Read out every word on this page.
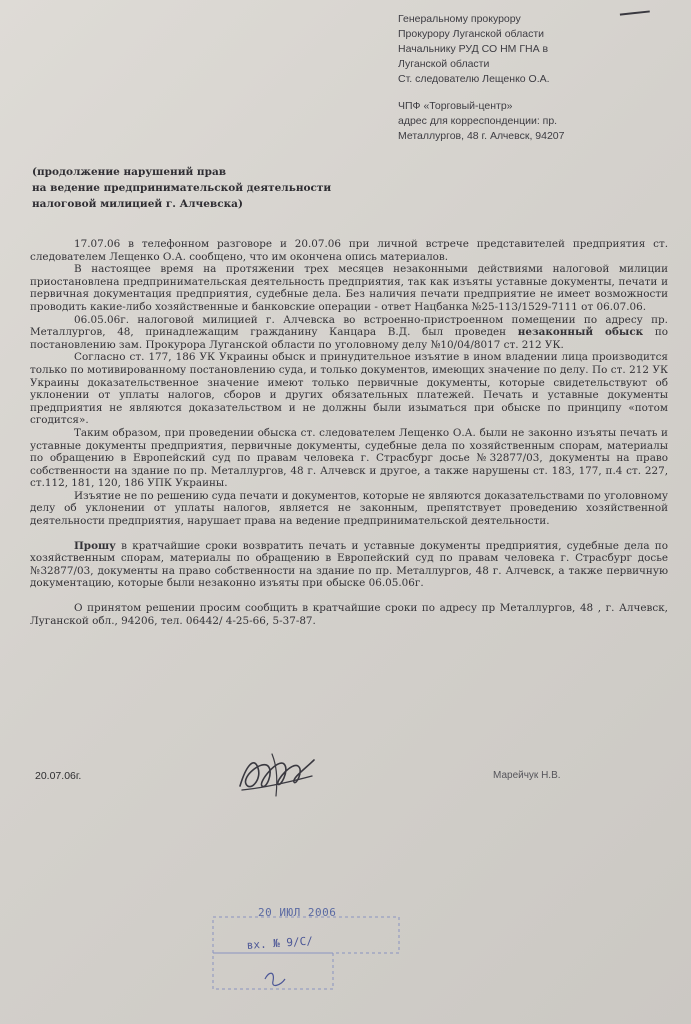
Генеральному прокурору
Прокурору Луганской области
Начальнику РУД СО НМ ГНА в
Луганской области
Ст. следователю Лещенко О.А.
ЧПФ «Торговый-центр»
адрес для корреспонденции: пр.
Металлургов, 48 г. Алчевск, 94207
(продолжение нарушений прав
на ведение предпринимательской деятельности
налоговой милицией г. Алчевска)

17.07.06 в телефонном разговоре и 20.07.06 при личной встрече представителей предприятия ст. следователем Лещенко О.А. сообщено, что им окончена опись материалов.

В настоящее время на протяжении трех месяцев незаконными действиями налоговой милиции приостановлена предпринимательская деятельность предприятия, так как изъяты уставные документы, печати и первичная документация предприятия, судебные дела. Без наличия печати предприятие не имеет возможности проводить какие-либо хозяйственные и банковские операции - ответ Нацбанка №25-113/1529-7111 от 06.07.06.

06.05.06г. налоговой милицией г. Алчевска во встроенно-пристроенном помещении по адресу пр. Металлургов, 48, принадлежащим гражданину Канцара В.Д. был проведен незаконный обыск по постановлению зам. Прокурора Луганской области по уголовному делу №10/04/8017 ст. 212 УК.

Согласно ст. 177, 186 УК Украины обыск и принудительное изъятие в ином владении лица производится только по мотивированному постановлению суда, и только документов, имеющих значение по делу. По ст. 212 УК Украины доказательственное значение имеют только первичные документы, которые свидетельствуют об уклонении от уплаты налогов, сборов и других обязательных платежей. Печать и уставные документы предприятия не являются доказательством и не должны были изыматься при обыске по принципу «потом сгодится».

Таким образом, при проведении обыска ст. следователем Лещенко О.А. были не законно изъяты печать и уставные документы предприятия, первичные документы, судебные дела по хозяйственным спорам, материалы по обращению в Европейский суд по правам человека г. Страсбург досье №32877/03, документы на право собственности на здание по пр. Металлургов, 48 г. Алчевск и другое, а также нарушены ст. 183, 177, п.4 ст. 227, ст.112, 181, 120, 186 УПК Украины.

Изъятие не по решению суда печати и документов, которые не являются доказательствами по уголовному делу об уклонении от уплаты налогов, является не законным, препятствует проведению хозяйственной деятельности предприятия, нарушает права на ведение предпринимательской деятельности.

Прошу в кратчайшие сроки возвратить печать и уставные документы предприятия, судебные дела по хозяйственным спорам, материалы по обращению в Европейский суд по правам человека г. Страсбург досье №32877/03, документы на право собственности на здание по пр. Металлургов, 48 г. Алчевск, а также первичную документацию, которые были незаконно изъяты при обыске 06.05.06г.

О принятом решении просим сообщить в кратчайшие сроки по адресу пр Металлургов, 48 , г. Алчевск, Луганской обл., 94206, тел. 06442/ 4-25-66, 5-37-87.

20.07.06г.	Марейчук Н.В.
вх. № 9/С/
20 ИЮЛ 2006
